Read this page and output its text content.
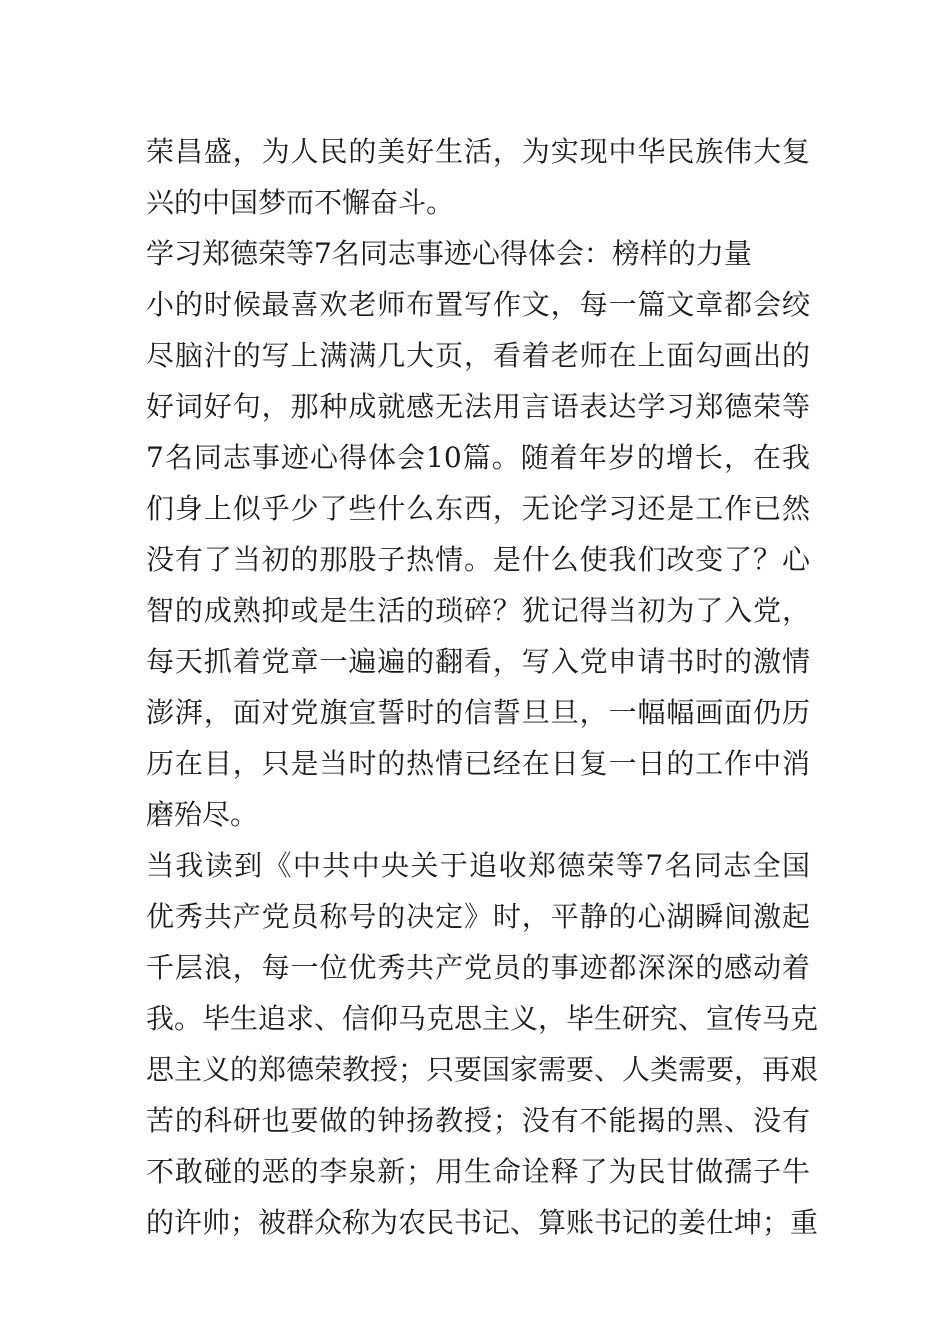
荣昌盛，为人民的美好生活，为实现中华民族伟大复
兴的中国梦而不懈奋斗。
学习郑德荣等7名同志事迹心得体会：榜样的力量
小的时候最喜欢老师布置写作文，每一篇文章都会绞
尽脑汁的写上满满几大页，看着老师在上面勾画出的
好词好句，那种成就感无法用言语表达学习郑德荣等
7名同志事迹心得体会10篇。随着年岁的增长，在我
们身上似乎少了些什么东西，无论学习还是工作已然
没有了当初的那股子热情。是什么使我们改变了？心
智的成熟抑或是生活的琐碎？犹记得当初为了入党，
每天抓着党章一遍遍的翻看，写入党申请书时的激情
澎湃，面对党旗宣誓时的信誓旦旦，一幅幅画面仍历
历在目，只是当时的热情已经在日复一日的工作中消
磨殆尽。
当我读到《中共中央关于追收郑德荣等7名同志全国
优秀共产党员称号的决定》时，平静的心湖瞬间激起
千层浪，每一位优秀共产党员的事迹都深深的感动着
我。毕生追求、信仰马克思主义，毕生研究、宣传马克
思主义的郑德荣教授；只要国家需要、人类需要，再艰
苦的科研也要做的钟扬教授；没有不能揭的黑、没有
不敢碰的恶的李泉新；用生命诠释了为民甘做孺子牛
的许帅；被群众称为农民书记、算账书记的姜仕坤；重
